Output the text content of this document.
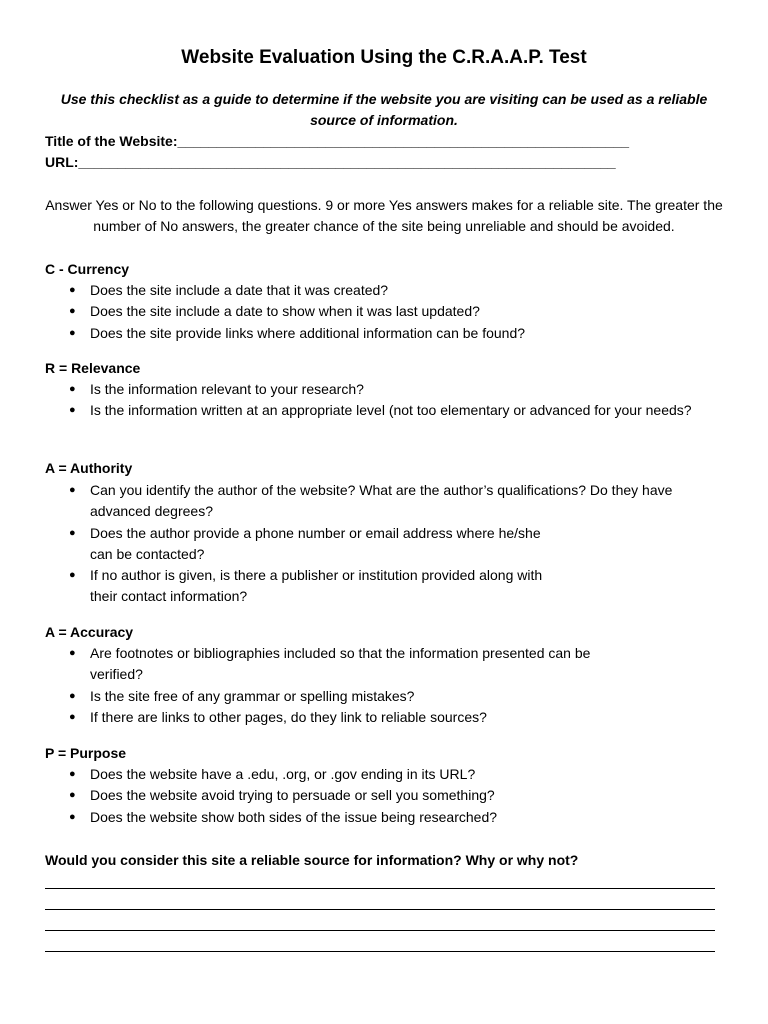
Website Evaluation Using the C.R.A.A.P. Test
Use this checklist as a guide to determine if the website you are visiting can be used as a reliable source of information.
Title of the Website:__________________________________________________________
URL:_____________________________________________________________________
Answer Yes or No to the following questions. 9 or more Yes answers makes for a reliable site. The greater the number of No answers, the greater chance of the site being unreliable and should be avoided.
C - Currency
● Does the site include a date that it was created?
● Does the site include a date to show when it was last updated?
● Does the site provide links where additional information can be found?
R = Relevance
● Is the information relevant to your research?
● Is the information written at an appropriate level (not too elementary or advanced for your needs?
A = Authority
● Can you identify the author of the website? What are the author’s qualifications? Do they have advanced degrees?
● Does the author provide a phone number or email address where he/she can be contacted?
● If no author is given, is there a publisher or institution provided along with their contact information?
A = Accuracy
● Are footnotes or bibliographies included so that the information presented can be verified?
● Is the site free of any grammar or spelling mistakes?
● If there are links to other pages, do they link to reliable sources?
P = Purpose
● Does the website have a .edu, .org, or .gov ending in its URL?
● Does the website avoid trying to persuade or sell you something?
● Does the website show both sides of the issue being researched?
Would you consider this site a reliable source for information? Why or why not?
